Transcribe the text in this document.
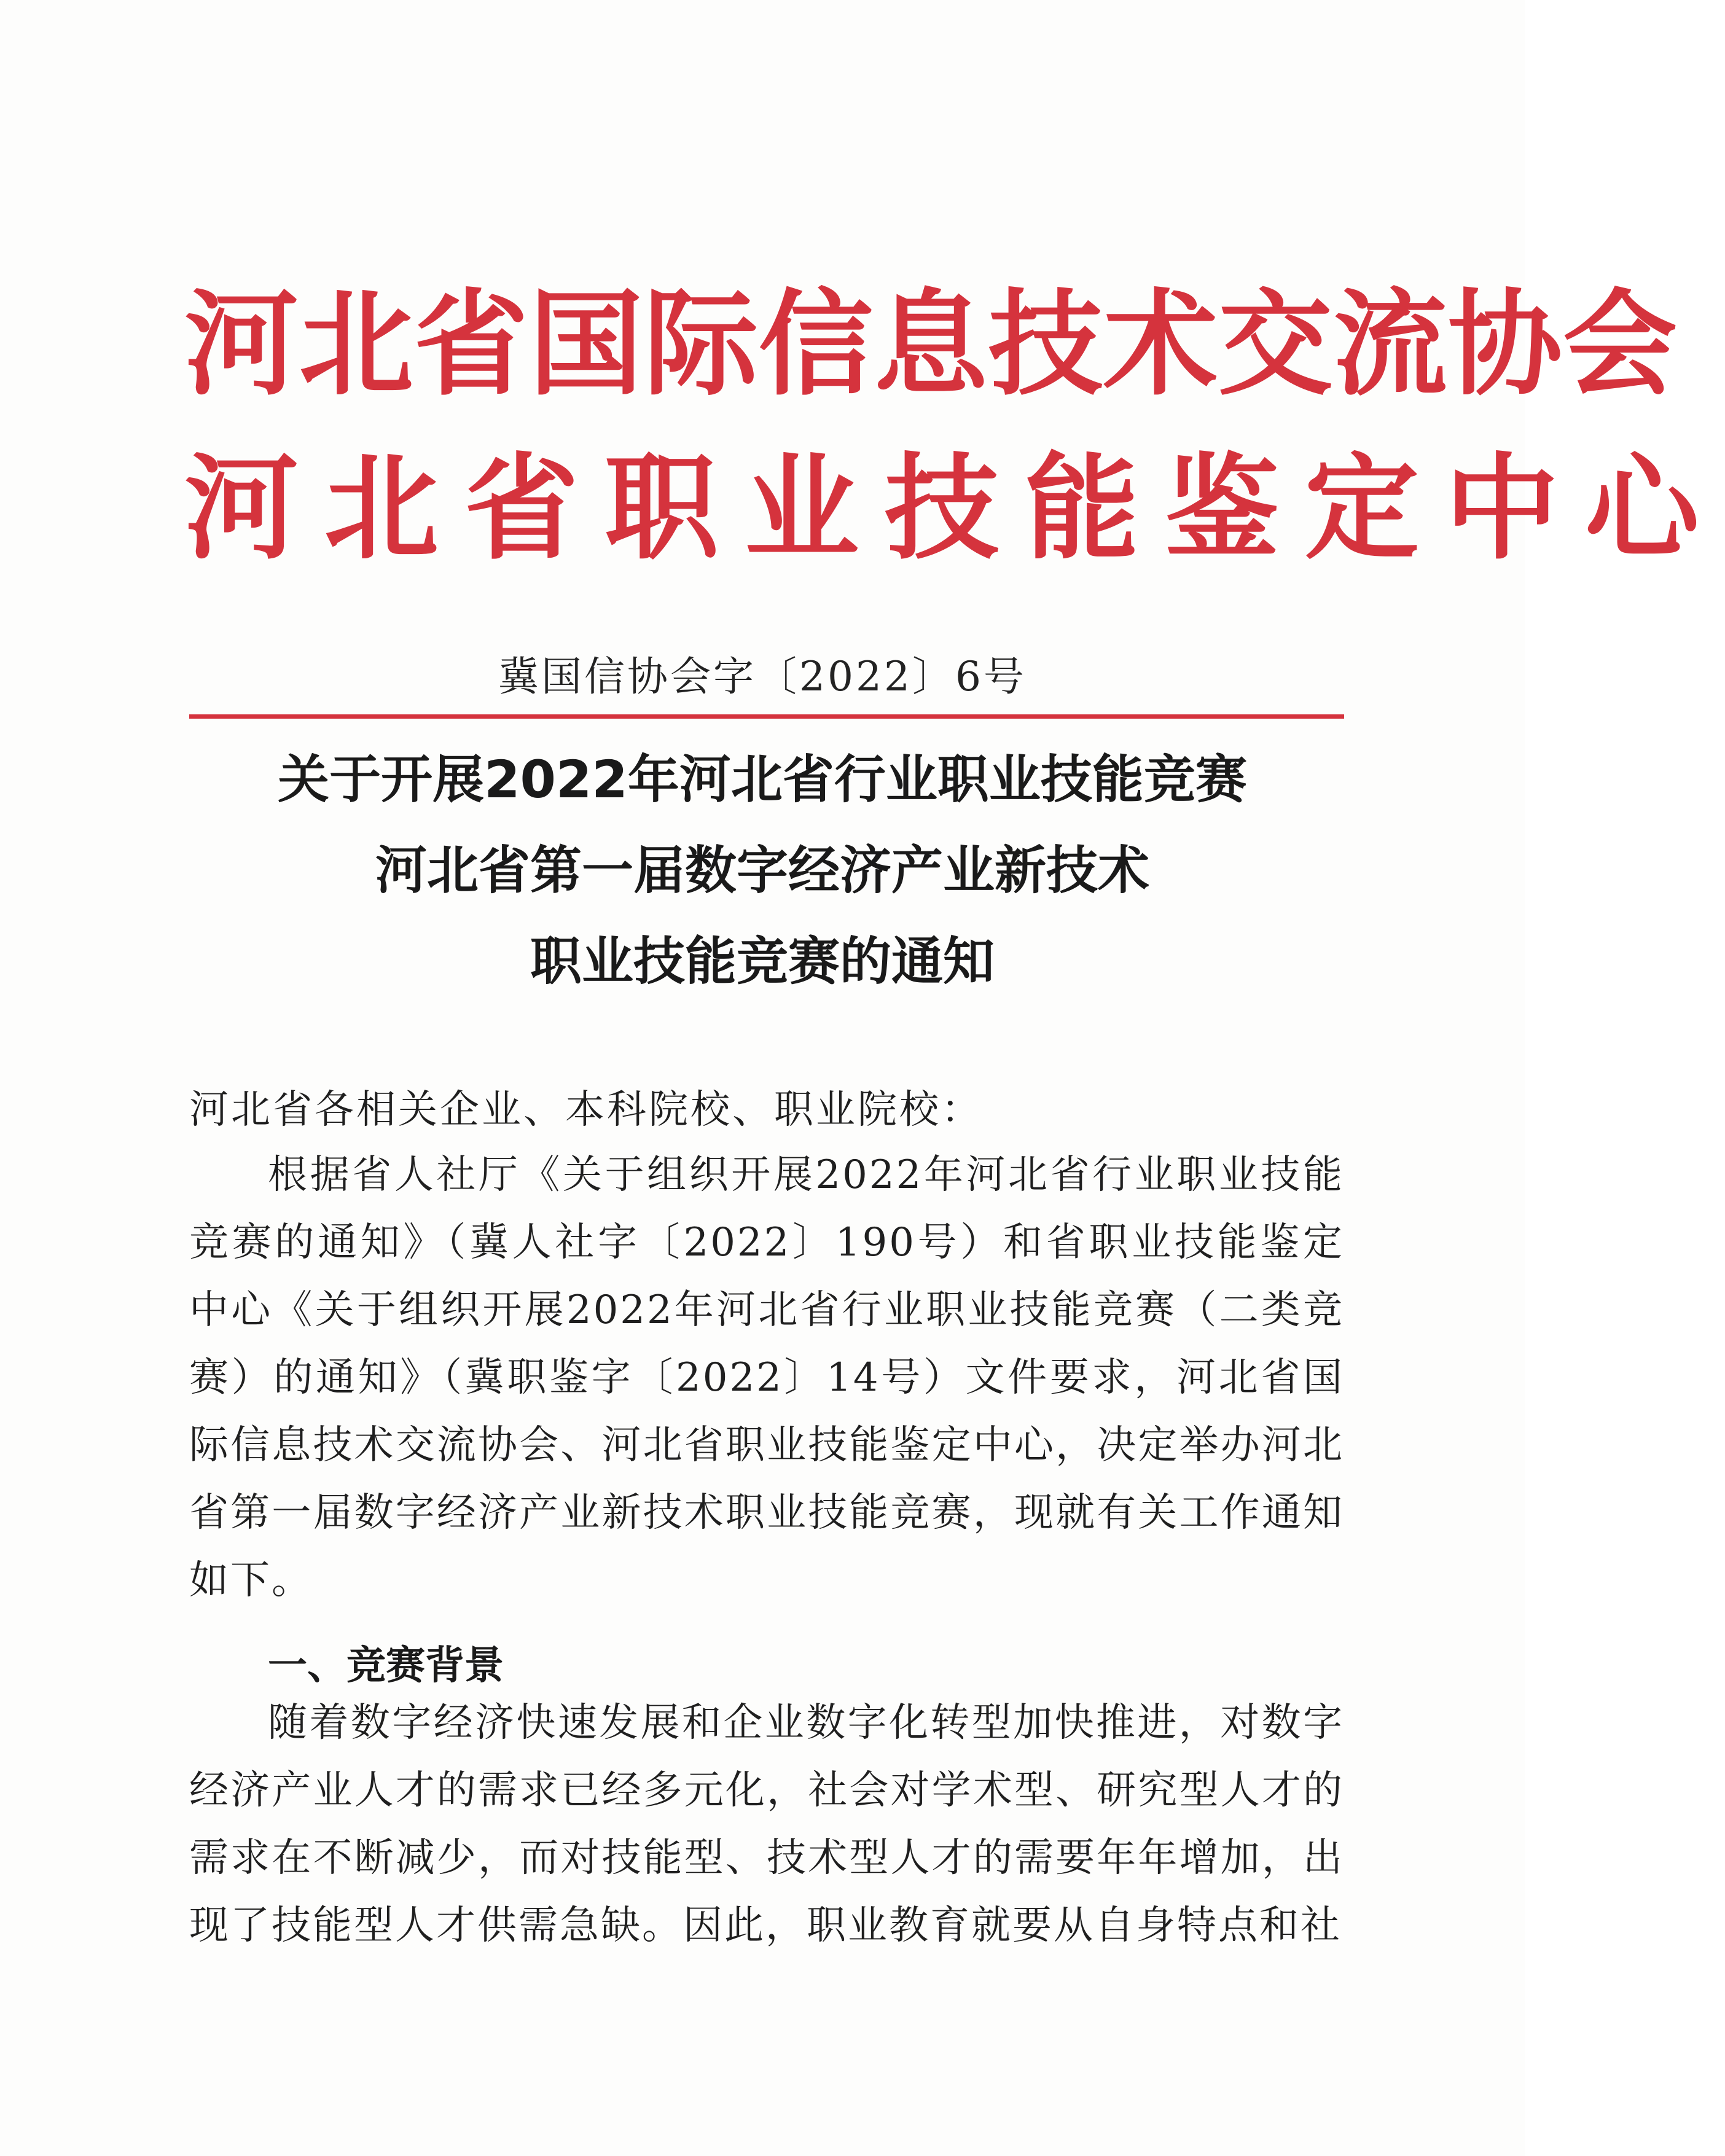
河北省国际信息技术交流协会
河北省职业技能鉴定中心
冀国信协会字〔2022〕6号
关于开展2022年河北省行业职业技能竞赛
河北省第一届数字经济产业新技术
职业技能竞赛的通知
河北省各相关企业、本科院校、职业院校：
根据省人社厅《关于组织开展2022年河北省行业职业技能竞赛的通知》（冀人社字〔2022〕190号）和省职业技能鉴定中心《关于组织开展2022年河北省行业职业技能竞赛（二类竞赛）的通知》（冀职鉴字〔2022〕14号）文件要求，河北省国际信息技术交流协会、河北省职业技能鉴定中心，决定举办河北省第一届数字经济产业新技术职业技能竞赛，现就有关工作通知如下。
一、竞赛背景
随着数字经济快速发展和企业数字化转型加快推进，对数字经济产业人才的需求已经多元化，社会对学术型、研究型人才的需求在不断减少，而对技能型、技术型人才的需要年年增加，出现了技能型人才供需急缺。因此，职业教育就要从自身特点和社
